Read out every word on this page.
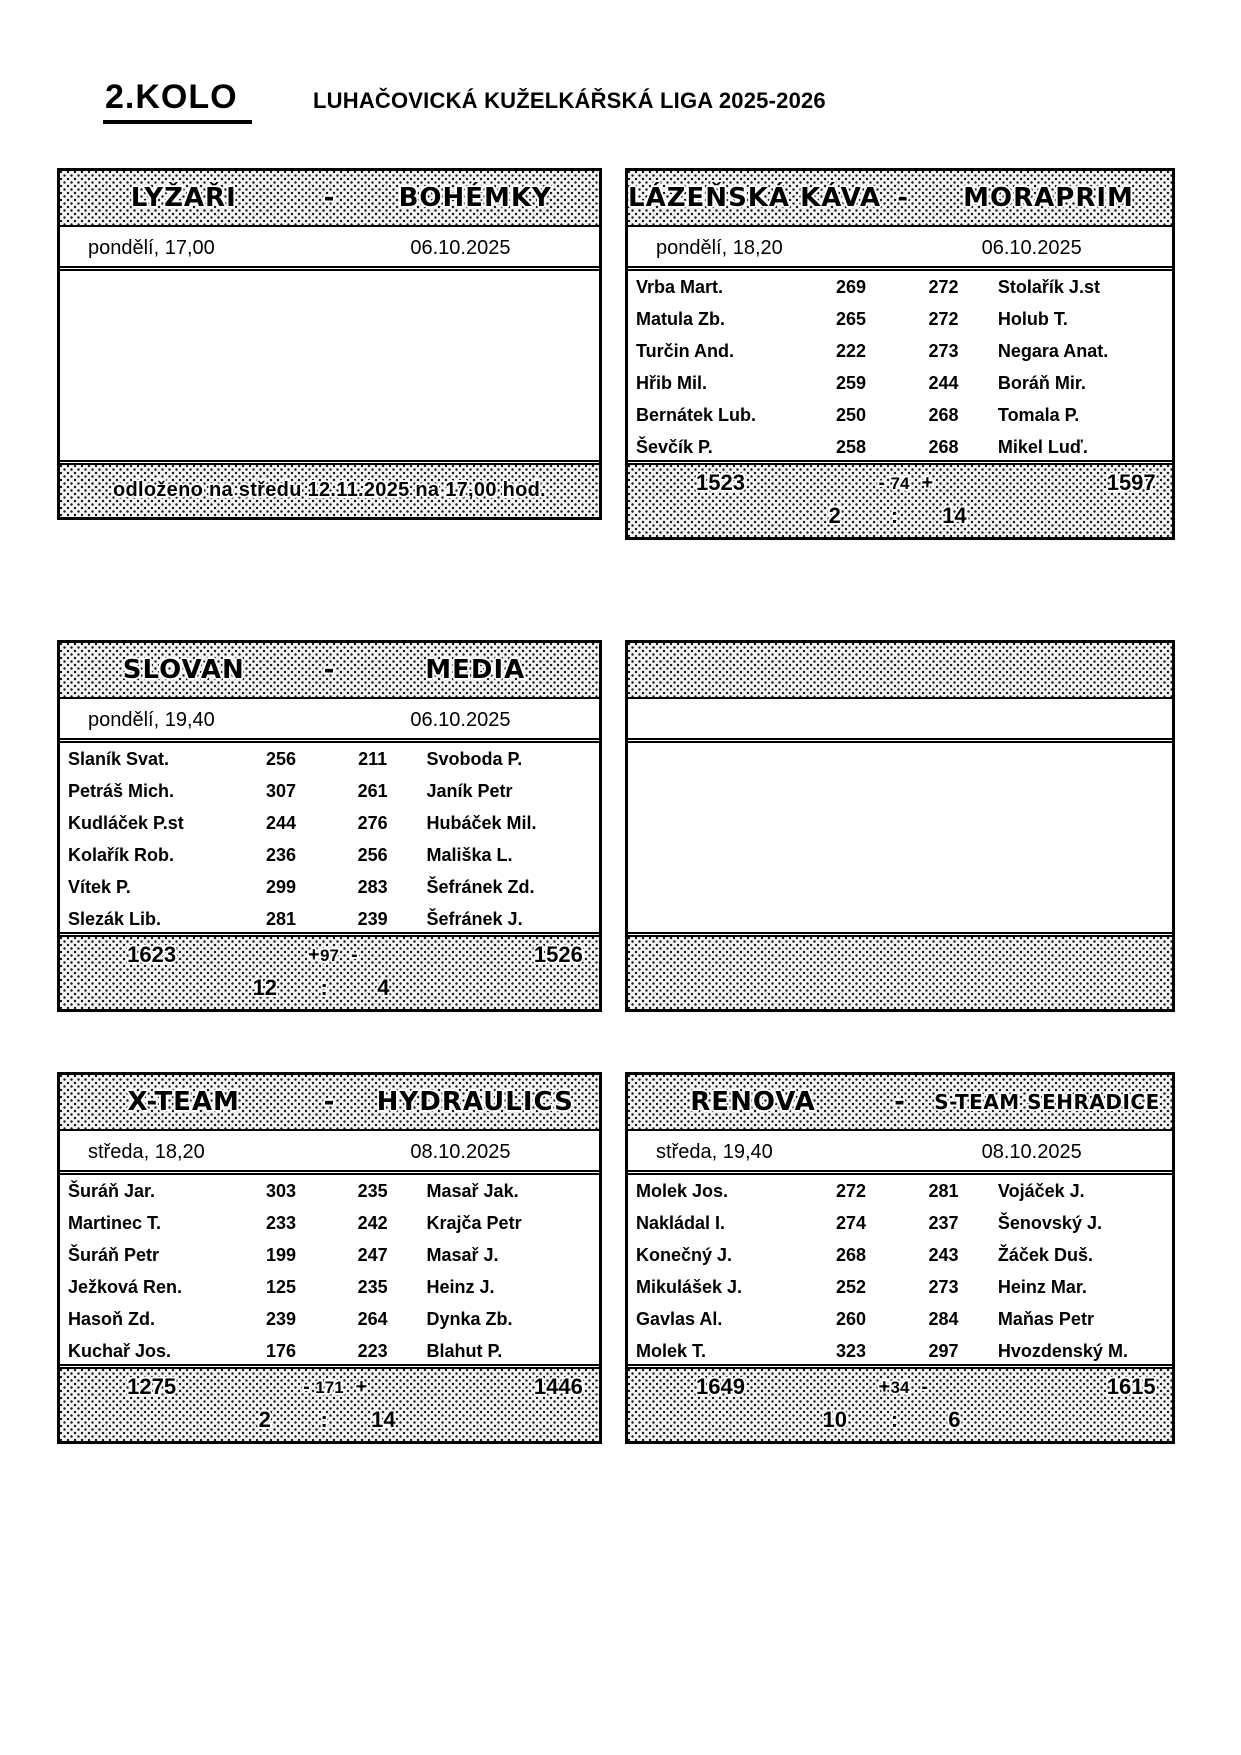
2.KOLO	LUHAČOVICKÁ KUŽELKÁŘSKÁ LIGA 2025-2026
LYŽAŘI	-	BOHÉMKY
pondělí, 17,00	06.10.2025
odloženo na středu 12.11.2025 na 17,00 hod.
LÁZEŇSKÁ KÁVA -	MORAPRIM
pondělí, 18,20	06.10.2025
Vrba Mart.	269	272	Stolařík J.st
Matula Zb.	265	272	Holub T.
Turčin And.	222	273	Negara Anat.
Hřib Mil.	259	244	Boráň Mir.
Bernátek Lub.	250	268	Tomala P.
Ševčík P.	258	268	Mikel Luď.
1523	- 74 +	1597
2	:	14
SLOVAN	-	MEDIA
pondělí, 19,40	06.10.2025
Slaník Svat.	256	211	Svoboda P.
Petráš Mich.	307	261	Janík Petr
Kudláček P.st	244	276	Hubáček Mil.
Kolařík Rob.	236	256	Mališka L.
Vítek P.	299	283	Šefránek Zd.
Slezák Lib.	281	239	Šefránek J.
1623	+ 97 -	1526
12	:	4
X-TEAM	-	HYDRAULICS
středa, 18,20	08.10.2025
Šuráň Jar.	303	235	Masař Jak.
Martinec T.	233	242	Krajča Petr
Šuráň Petr	199	247	Masař J.
Ježková Ren.	125	235	Heinz J.
Hasoň Zd.	239	264	Dynka Zb.
Kuchař Jos.	176	223	Blahut P.
1275	- 171 +	1446
2	:	14
RENOVA	-	S-TEAM SEHRADICE
středa, 19,40	08.10.2025
Molek Jos.	272	281	Vojáček J.
Nakládal I.	274	237	Šenovský J.
Konečný J.	268	243	Žáček Duš.
Mikulášek J.	252	273	Heinz Mar.
Gavlas Al.	260	284	Maňas Petr
Molek T.	323	297	Hvozdenský M.
1649	+ 34 -	1615
10	:	6
